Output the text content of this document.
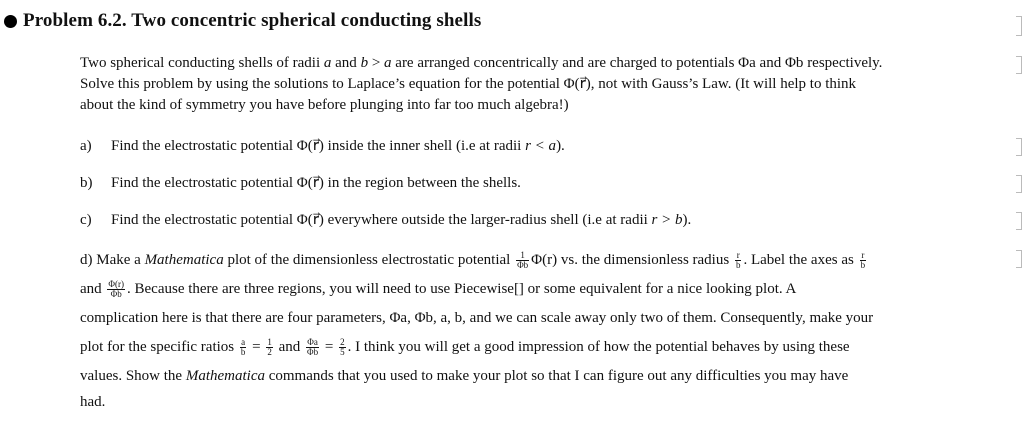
Problem 6.2. Two concentric spherical conducting shells
Two spherical conducting shells of radii a and b > a are arranged concentrically and are charged to potentials Φa and Φb respectively.
Solve this problem by using the solutions to Laplace’s equation for the potential Φ(r⃗), not with Gauss’s Law. (It will help to think
about the kind of symmetry you have before plunging into far too much algebra!)
a) Find the electrostatic potential Φ(r⃗) inside the inner shell (i.e at radii r < a).
b) Find the electrostatic potential Φ(r⃗) in the region between the shells.
c) Find the electrostatic potential Φ(r⃗) everywhere outside the larger-radius shell (i.e at radii r > b).
d) Make a Mathematica plot of the dimensionless electrostatic potential $\frac{1}{\Phi b} \Phi(r)$ vs. the dimensionless radius $\frac{r}{b}$ . Label the axes as $\frac{r}{b}$
and $\frac{\Phi(r)}{\Phi b}$ . Because there are three regions, you will need to use Piecewise[] or some equivalent for a nice looking plot. A
complication here is that there are four parameters, Φa, Φb, a, b, and we can scale away only two of them. Consequently, make your
plot for the specific ratios $\frac{a}{b} = \frac{1}{2}$ and $\frac{\Phi a}{\Phi b} = \frac{2}{5}$ . I think you will get a good impression of how the potential behaves by using these
values. Show the Mathematica commands that you used to make your plot so that I can figure out any difficulties you may have
had.
